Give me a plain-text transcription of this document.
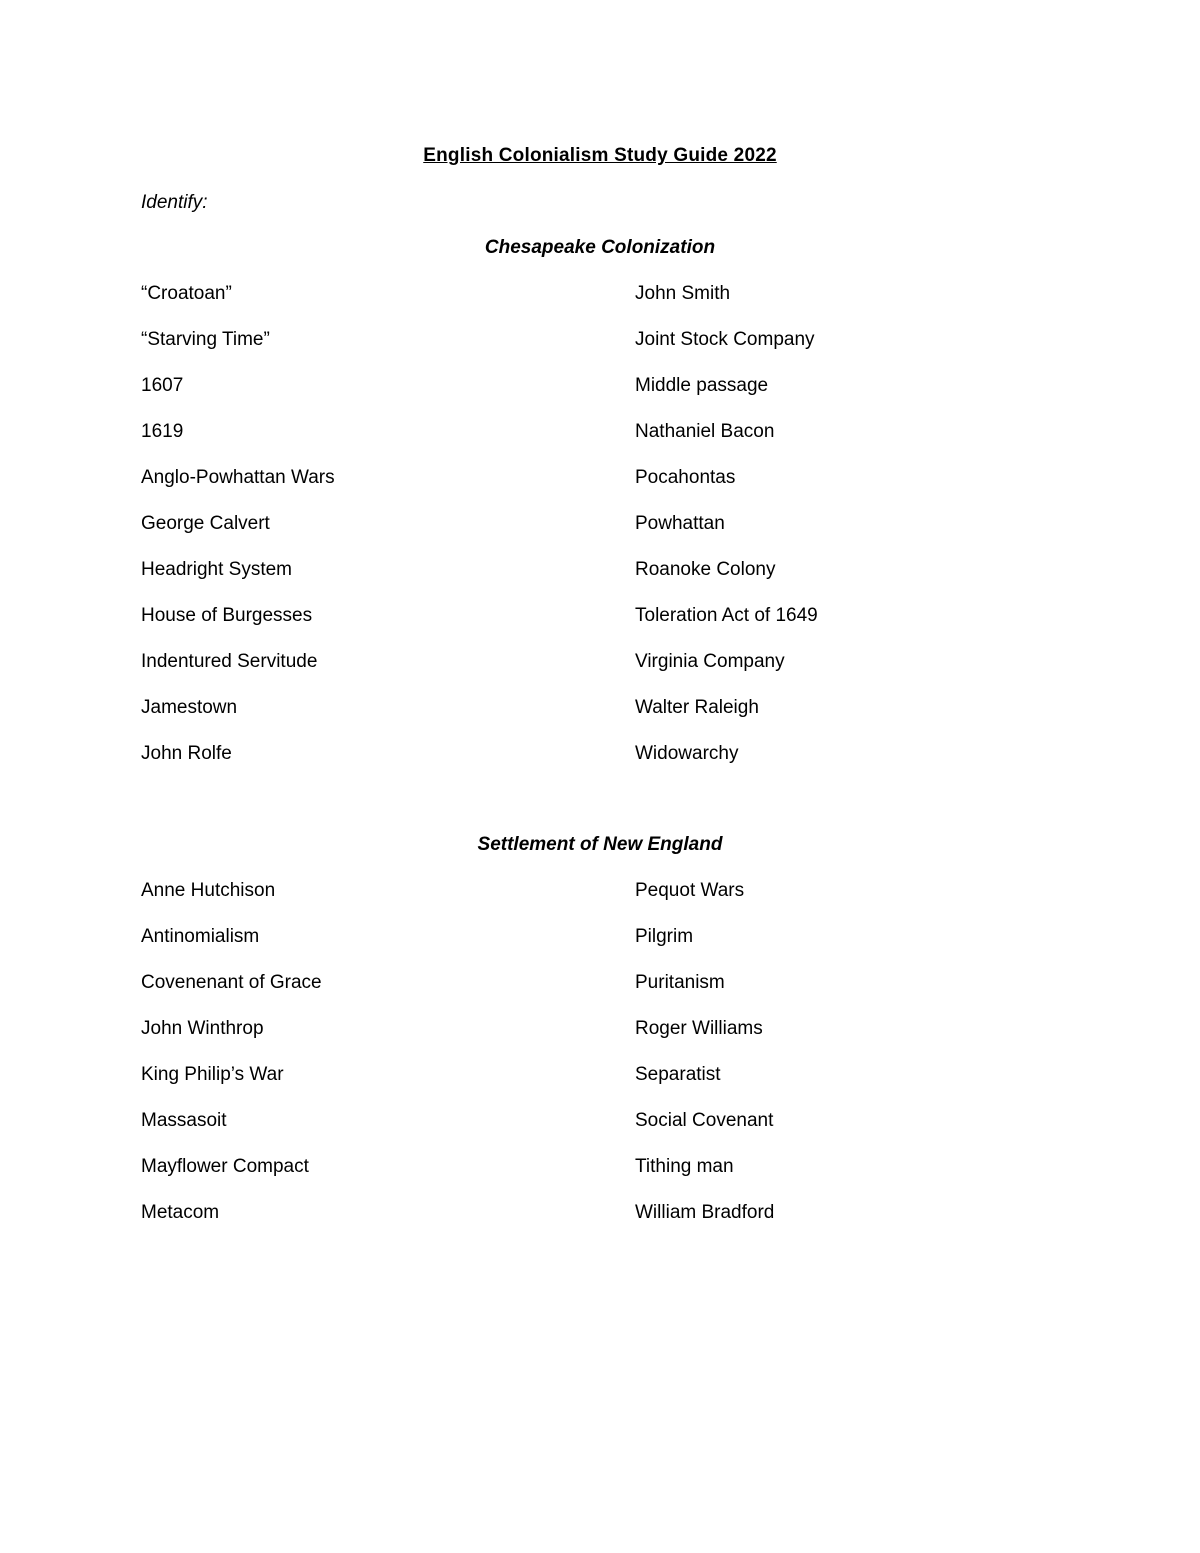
English Colonialism Study Guide 2022
Identify:
Chesapeake Colonization
“Croatoan”	John Smith
“Starving Time”	Joint Stock Company
1607	Middle passage
1619	Nathaniel Bacon
Anglo-Powhattan Wars	Pocahontas
George Calvert	Powhattan
Headright System	Roanoke Colony
House of Burgesses	Toleration Act of 1649
Indentured Servitude	Virginia Company
Jamestown	Walter Raleigh
John Rolfe	Widowarchy
Settlement of New England
Anne Hutchison	Pequot Wars
Antinomialism	Pilgrim
Covenenant of Grace	Puritanism
John Winthrop	Roger Williams
King Philip’s War	Separatist
Massasoit	Social Covenant
Mayflower Compact	Tithing man
Metacom	William Bradford
